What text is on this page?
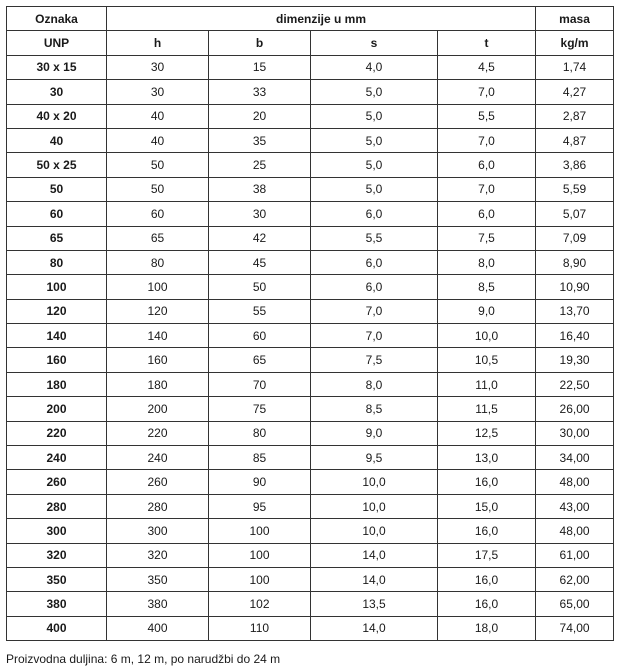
Oznaka	dimenzije u mm				masa
UNP	h	b	s	t	kg/m
30 x 15	30	15	4,0	4,5	1,74
30	30	33	5,0	7,0	4,27
40 x 20	40	20	5,0	5,5	2,87
40	40	35	5,0	7,0	4,87
50 x 25	50	25	5,0	6,0	3,86
50	50	38	5,0	7,0	5,59
60	60	30	6,0	6,0	5,07
65	65	42	5,5	7,5	7,09
80	80	45	6,0	8,0	8,90
100	100	50	6,0	8,5	10,90
120	120	55	7,0	9,0	13,70
140	140	60	7,0	10,0	16,40
160	160	65	7,5	10,5	19,30
180	180	70	8,0	11,0	22,50
200	200	75	8,5	11,5	26,00
220	220	80	9,0	12,5	30,00
240	240	85	9,5	13,0	34,00
260	260	90	10,0	16,0	48,00
280	280	95	10,0	15,0	43,00
300	300	100	10,0	16,0	48,00
320	320	100	14,0	17,5	61,00
350	350	100	14,0	16,0	62,00
380	380	102	13,5	16,0	65,00
400	400	110	14,0	18,0	74,00
Proizvodna duljina: 6 m, 12 m, po narudžbi do 24 m
